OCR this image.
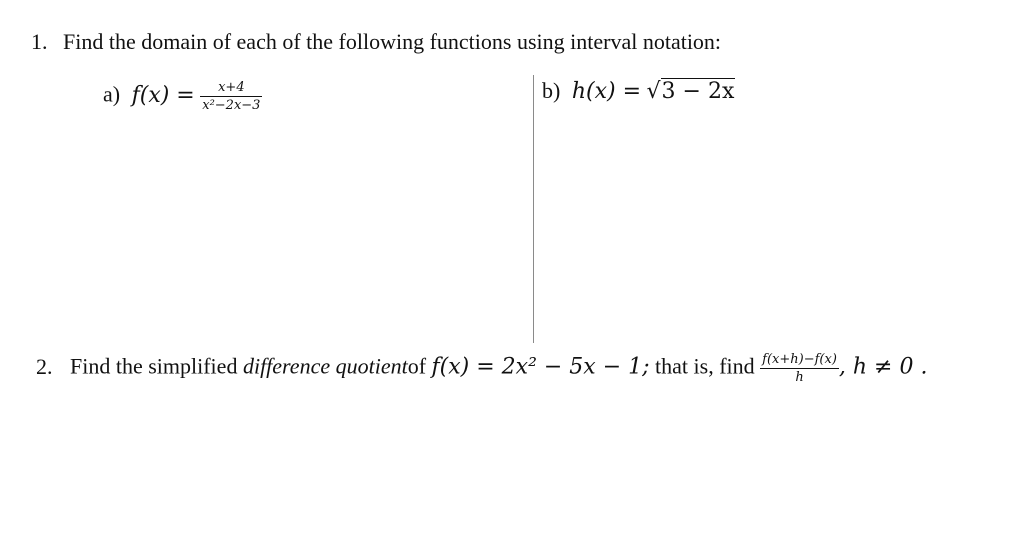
1. Find the domain of each of the following functions using interval notation:
a) $f(x) = \frac{x+4}{\text{x²−2x−3}}$	b) h(x) = √3 − 2x
2. Find the simplified difference quotientof f(x) = 2x² − 5x − 1; that is, find $\frac{f(x+h)-f(x)}{h}$ , h ≠ 0 .
